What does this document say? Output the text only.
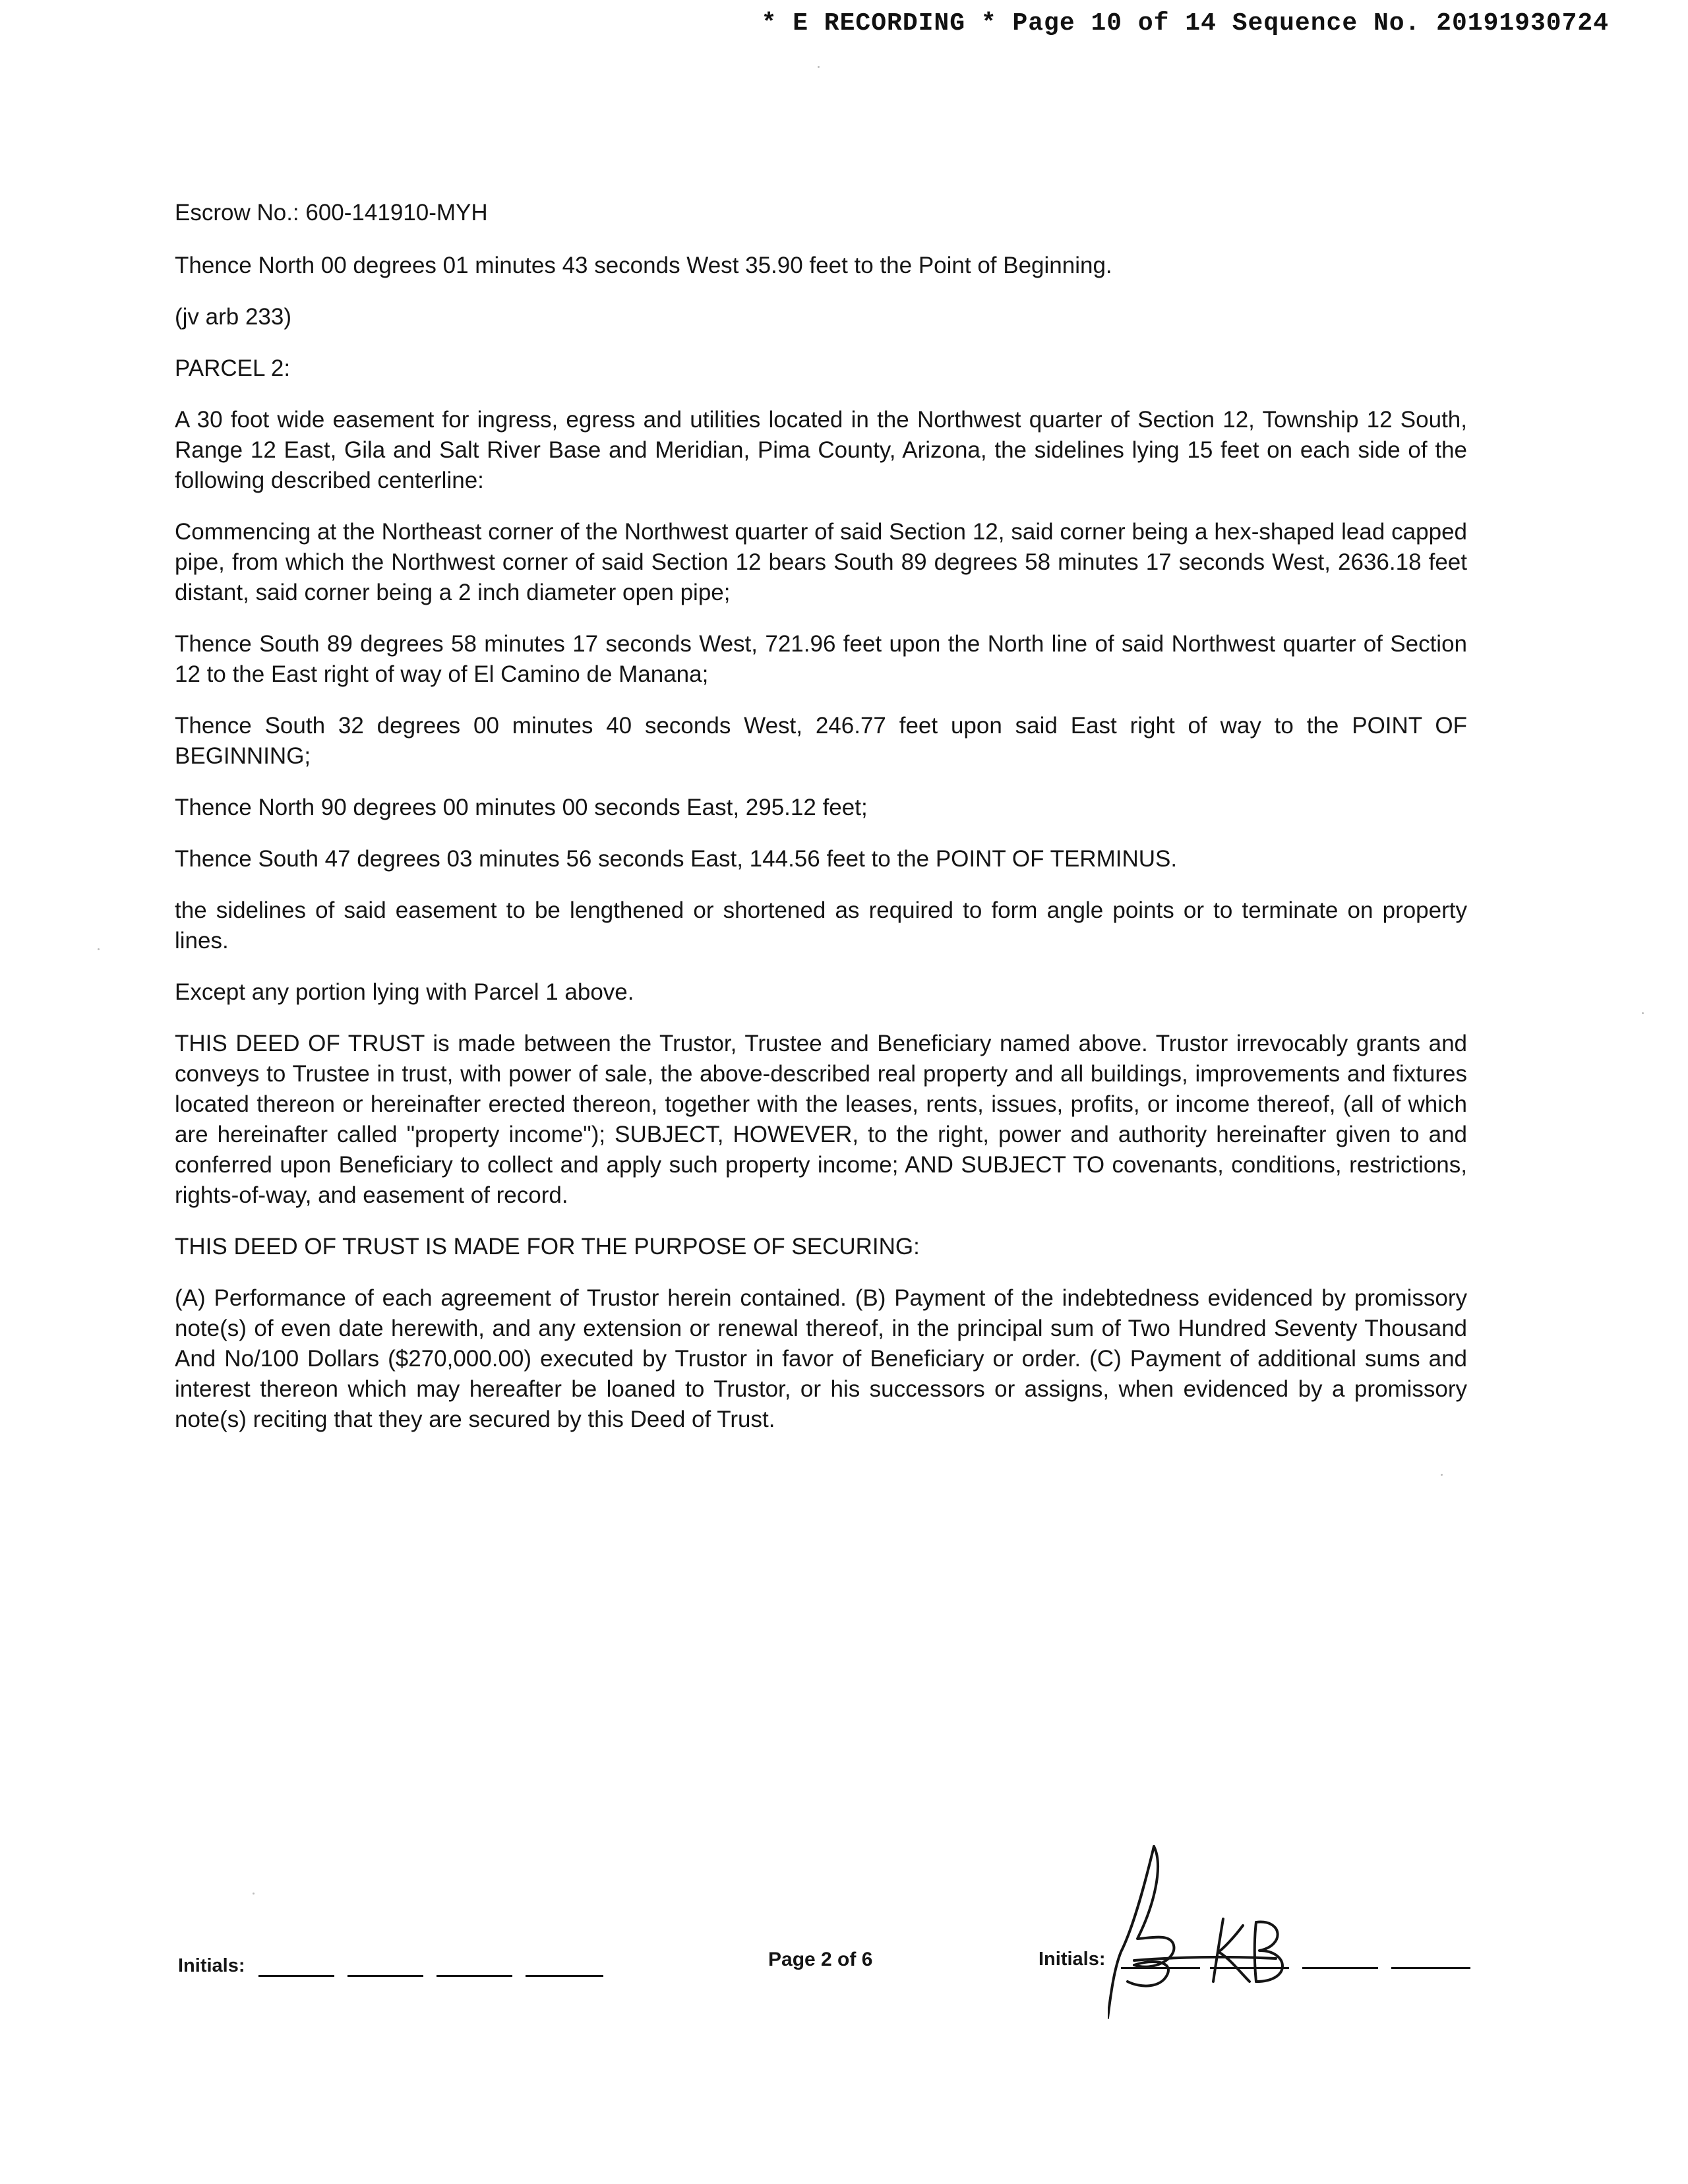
* E RECORDING * Page 10 of 14 Sequence No. 20191930724

Escrow No.: 600-141910-MYH

Thence North 00 degrees 01 minutes 43 seconds West 35.90 feet to the Point of Beginning.

(jv arb 233)

PARCEL 2:

A 30 foot wide easement for ingress, egress and utilities located in the Northwest quarter of Section 12, Township 12 South, Range 12 East, Gila and Salt River Base and Meridian, Pima County, Arizona, the sidelines lying 15 feet on each side of the following described centerline:

Commencing at the Northeast corner of the Northwest quarter of said Section 12, said corner being a hex-shaped lead capped pipe, from which the Northwest corner of said Section 12 bears South 89 degrees 58 minutes 17 seconds West, 2636.18 feet distant, said corner being a 2 inch diameter open pipe;

Thence South 89 degrees 58 minutes 17 seconds West, 721.96 feet upon the North line of said Northwest quarter of Section 12 to the East right of way of El Camino de Manana;

Thence South 32 degrees 00 minutes 40 seconds West, 246.77 feet upon said East right of way to the POINT OF BEGINNING;

Thence North 90 degrees 00 minutes 00 seconds East, 295.12 feet;

Thence South 47 degrees 03 minutes 56 seconds East, 144.56 feet to the POINT OF TERMINUS.

the sidelines of said easement to be lengthened or shortened as required to form angle points or to terminate on property lines.

Except any portion lying with Parcel 1 above.

THIS DEED OF TRUST is made between the Trustor, Trustee and Beneficiary named above. Trustor irrevocably grants and conveys to Trustee in trust, with power of sale, the above-described real property and all buildings, improvements and fixtures located thereon or hereinafter erected thereon, together with the leases, rents, issues, profits, or income thereof, (all of which are hereinafter called "property income"); SUBJECT, HOWEVER, to the right, power and authority hereinafter given to and conferred upon Beneficiary to collect and apply such property income; AND SUBJECT TO covenants, conditions, restrictions, rights-of-way, and easement of record.

THIS DEED OF TRUST IS MADE FOR THE PURPOSE OF SECURING:

(A) Performance of each agreement of Trustor herein contained. (B) Payment of the indebtedness evidenced by promissory note(s) of even date herewith, and any extension or renewal thereof, in the principal sum of Two Hundred Seventy Thousand And No/100 Dollars ($270,000.00) executed by Trustor in favor of Beneficiary or order. (C) Payment of additional sums and interest thereon which may hereafter be loaned to Trustor, or his successors or assigns, when evidenced by a promissory note(s) reciting that they are secured by this Deed of Trust.

Initials:	Page 2 of 6	Initials:
